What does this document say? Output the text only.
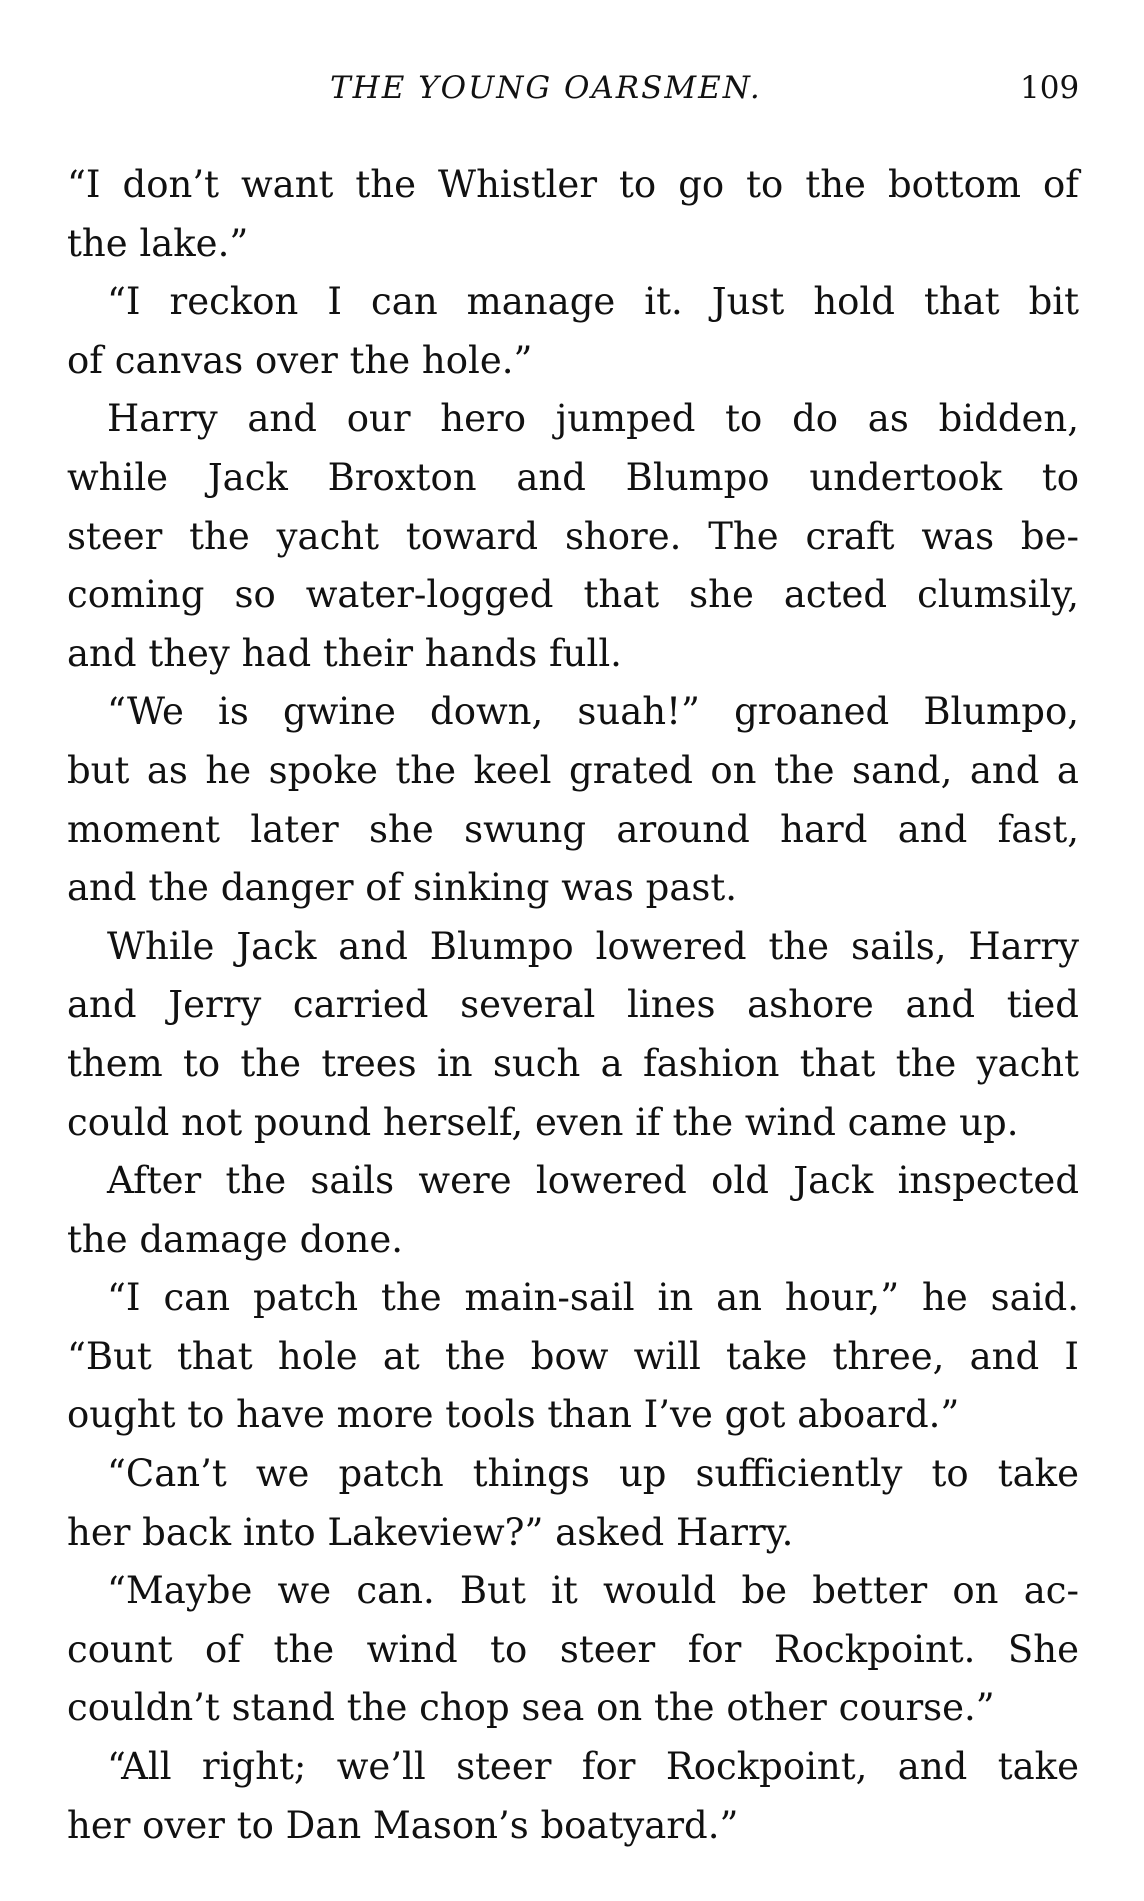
THE YOUNG OARSMEN.	109
“I don’t want the Whistler to go to the bottom of
the lake.”
“I reckon I can manage it. Just hold that bit
of canvas over the hole.”
Harry and our hero jumped to do as bidden,
while Jack Broxton and Blumpo undertook to
steer the yacht toward shore. The craft was be-
coming so water-logged that she acted clumsily,
and they had their hands full.
“We is gwine down, suah!” groaned Blumpo,
but as he spoke the keel grated on the sand, and a
moment later she swung around hard and fast,
and the danger of sinking was past.
While Jack and Blumpo lowered the sails, Harry
and Jerry carried several lines ashore and tied
them to the trees in such a fashion that the yacht
could not pound herself, even if the wind came up.
After the sails were lowered old Jack inspected
the damage done.
“I can patch the main-sail in an hour,” he said.
“But that hole at the bow will take three, and I
ought to have more tools than I’ve got aboard.”
“Can’t we patch things up sufficiently to take
her back into Lakeview?” asked Harry.
“Maybe we can. But it would be better on ac-
count of the wind to steer for Rockpoint. She
couldn’t stand the chop sea on the other course.”
“All right; we’ll steer for Rockpoint, and take
her over to Dan Mason’s boatyard.”
